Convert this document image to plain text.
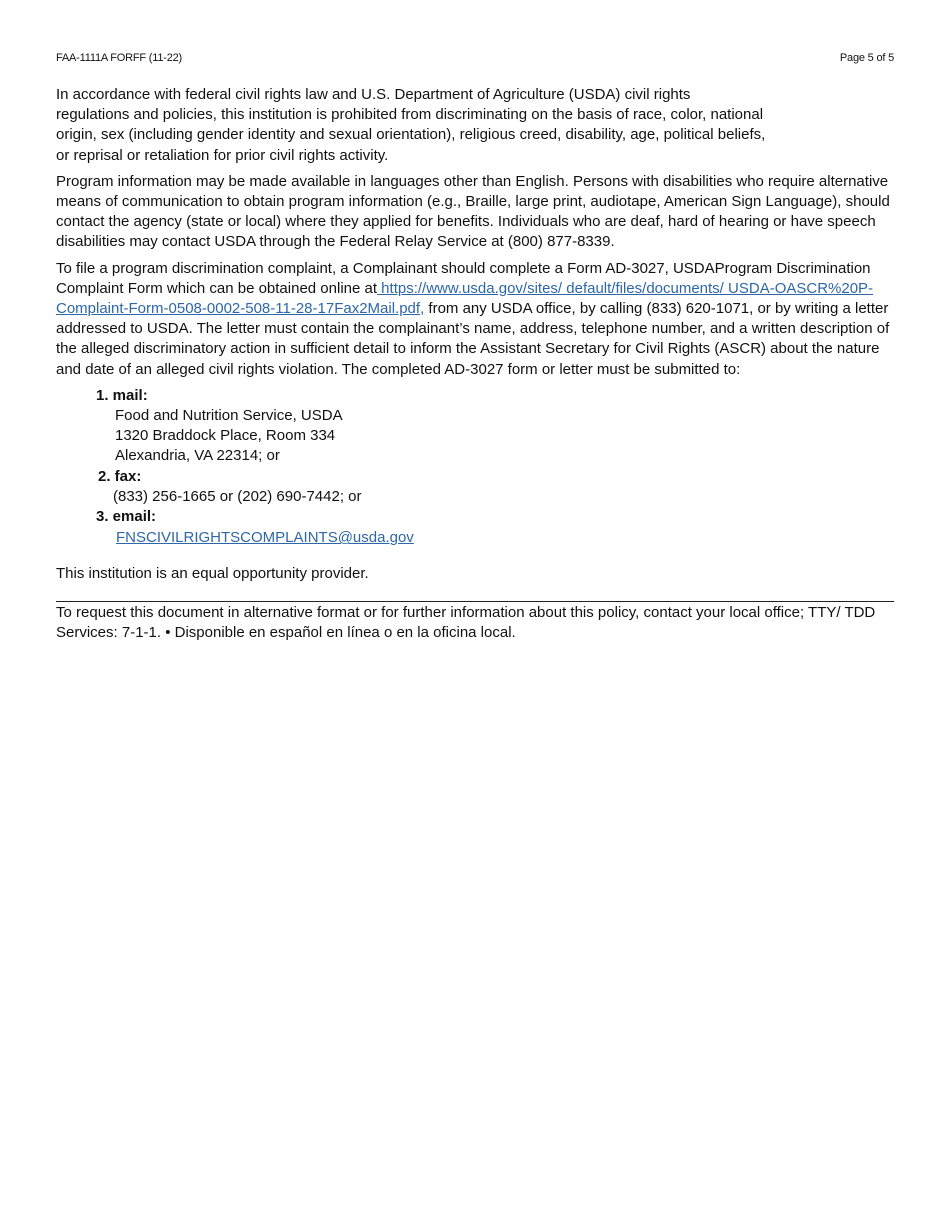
FAA-1111A FORFF (11-22)	Page 5 of 5
In accordance with federal civil rights law and U.S. Department of Agriculture (USDA) civil rights
regulations and policies, this institution is prohibited from discriminating on the basis of race, color, national
origin, sex (including gender identity and sexual orientation), religious creed, disability, age, political beliefs,
or reprisal or retaliation for prior civil rights activity.
Program information may be made available in languages other than English. Persons with disabilities who require alternative means of communication to obtain program information (e.g., Braille, large print, audiotape, American Sign Language), should contact the agency (state or local) where they applied for benefits. Individuals who are deaf, hard of hearing or have speech disabilities may contact USDA through the Federal Relay Service at (800) 877-8339.
To file a program discrimination complaint, a Complainant should complete a Form AD-3027, USDAProgram Discrimination Complaint Form which can be obtained online at https://www.usda.gov/sites/ default/files/documents/ USDA-OASCR%20P-Complaint-Form-0508-0002-508-11-28-17Fax2Mail.pdf, from any USDA office, by calling (833) 620-1071, or by writing a letter addressed to USDA. The letter must contain the complainant’s name, address, telephone number, and a written description of the alleged discriminatory action in sufficient detail to inform the Assistant Secretary for Civil Rights (ASCR) about the nature and date of an alleged civil rights violation. The completed AD-3027 form or letter must be submitted to:
1. mail:
Food and Nutrition Service, USDA
1320 Braddock Place, Room 334
Alexandria, VA 22314; or
2. fax:
(833) 256-1665 or (202) 690-7442; or
3. email:
FNSCIVILRIGHTSCOMPLAINTS@usda.gov
This institution is an equal opportunity provider.
To request this document in alternative format or for further information about this policy, contact your local office; TTY/ TDD Services: 7-1-1. • Disponible en español en línea o en la oficina local.
